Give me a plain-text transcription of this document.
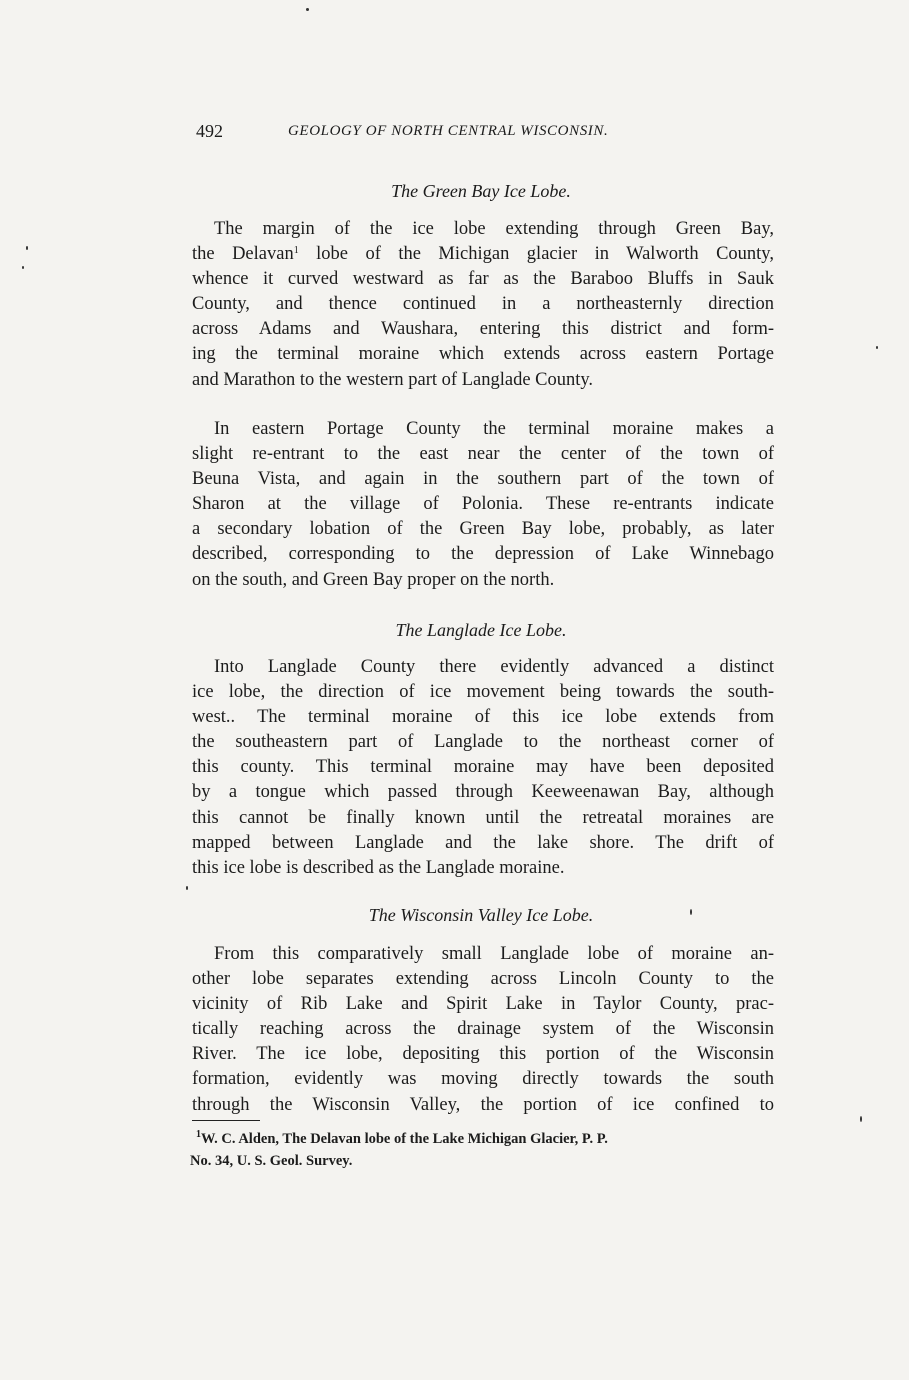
492	GEOLOGY OF NORTH CENTRAL WISCONSIN.
The Green Bay Ice Lobe.
The margin of the ice lobe extending through Green Bay,
the Delavan$^1$ lobe of the Michigan glacier in Walworth County,
whence it curved westward as far as the Baraboo Bluffs in Sauk
County, and thence continued in a northeasternly direction
across Adams and Waushara, entering this district and form-
ing the terminal moraine which extends across eastern Portage
and Marathon to the western part of Langlade County.
In eastern Portage County the terminal moraine makes a
slight re-entrant to the east near the center of the town of
Beuna Vista, and again in the southern part of the town of
Sharon at the village of Polonia. These re-entrants indicate
a secondary lobation of the Green Bay lobe, probably, as later
described, corresponding to the depression of Lake Winnebago
on the south, and Green Bay proper on the north.
The Langlade Ice Lobe.
Into Langlade County there evidently advanced a distinct
ice lobe, the direction of ice movement being towards the south-
west.. The terminal moraine of this ice lobe extends from
the southeastern part of Langlade to the northeast corner of
this county. This terminal moraine may have been deposited
by a tongue which passed through Keeweenawan Bay, although
this cannot be finally known until the retreatal moraines are
mapped between Langlade and the lake shore. The drift of
this ice lobe is described as the Langlade moraine.
The Wisconsin Valley Ice Lobe.
From this comparatively small Langlade lobe of moraine an-
other lobe separates extending across Lincoln County to the
vicinity of Rib Lake and Spirit Lake in Taylor County, prac-
tically reaching across the drainage system of the Wisconsin
River. The ice lobe, depositing this portion of the Wisconsin
formation, evidently was moving directly towards the south
through the Wisconsin Valley, the portion of ice confined to
$^1$W. C. Alden, The Delavan lobe of the Lake Michigan Glacier, P. P.
No. 34, U. S. Geol. Survey.
